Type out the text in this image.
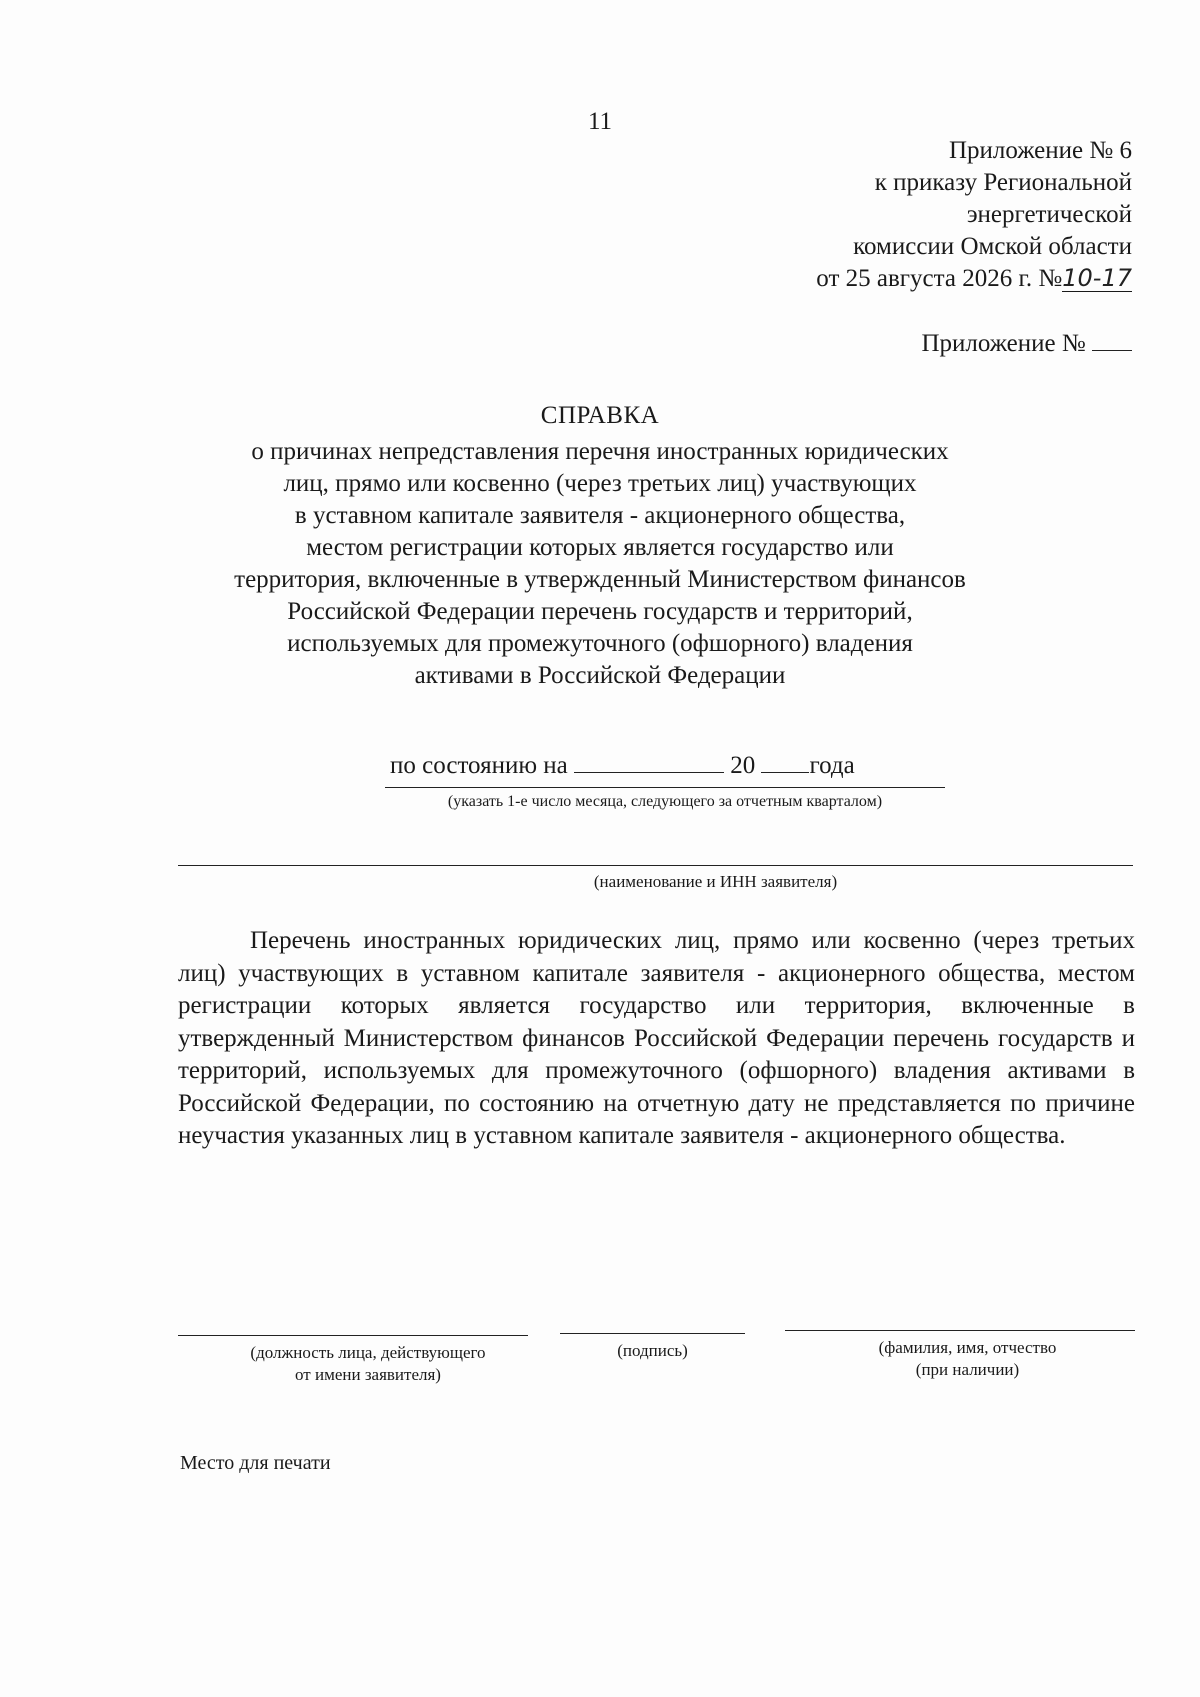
11
Приложение № 6
к приказу Региональной
энергетической
комиссии Омской области
от 25 августа 2026 г. №10-17
Приложение №
СПРАВКА
о причинах непредставления перечня иностранных юридических
лиц, прямо или косвенно (через третьих лиц) участвующих
в уставном капитале заявителя - акционерного общества,
местом регистрации которых является государство или
территория, включенные в утвержденный Министерством финансов
Российской Федерации перечень государств и территорий,
используемых для промежуточного (офшорного) владения
активами в Российской Федерации
по состоянию на	20 года
(указать 1-е число месяца, следующего за отчетным кварталом)
(наименование и ИНН заявителя)

Перечень иностранных юридических лиц, прямо или косвенно (через третьих лиц) участвующих в уставном капитале заявителя - акционерного общества, местом регистрации которых является государство или территория, включенные в утвержденный Министерством финансов Российской Федерации перечень государств и территорий, используемых для промежуточного (офшорного) владения активами в Российской Федерации, по состоянию на отчетную дату не представляется по причине неучастия указанных лиц в уставном капитале заявителя - акционерного общества.

(должность лица, действующего
от имени заявителя)
(подпись)	(фамилия, имя, отчество
(при наличии)
Место для печати
